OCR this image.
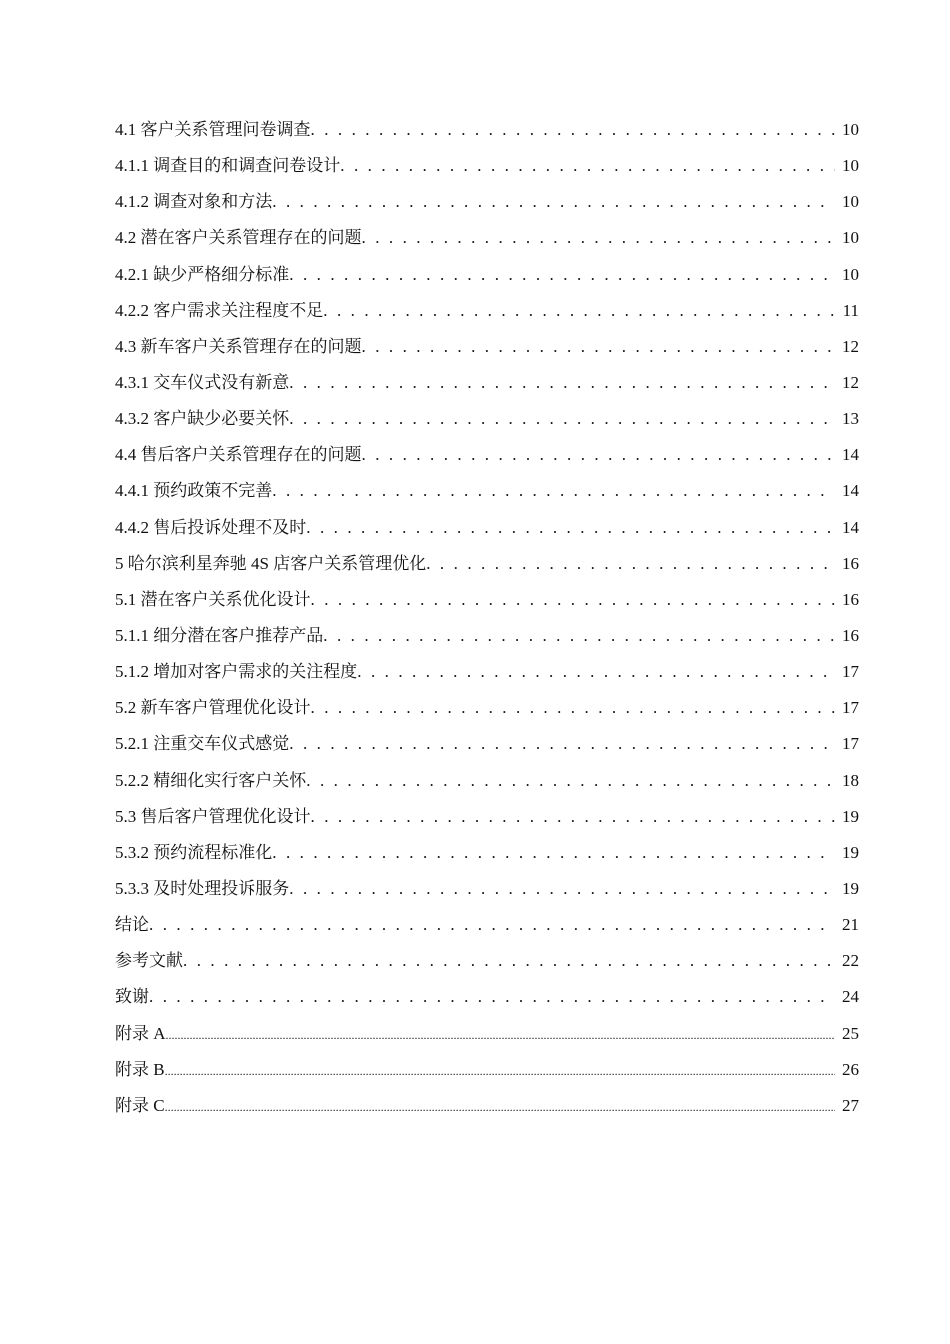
4.1 客户关系管理问卷调查 . . .	10
4.1.1 调查目的和调查问卷设计 . . .	10
4.1.2 调查对象和方法 . . .	10
4.2 潜在客户关系管理存在的问题 . . .	10
4.2.1 缺少严格细分标准 . . .	10
4.2.2 客户需求关注程度不足 . . .	11
4.3 新车客户关系管理存在的问题 . . .	12
4.3.1 交车仪式没有新意 . . .	12
4.3.2 客户缺少必要关怀 . . .	13
4.4 售后客户关系管理存在的问题 . . .	14
4.4.1 预约政策不完善 . . .	14
4.4.2 售后投诉处理不及时 . . .	14
5 哈尔滨利星奔驰 4S 店客户关系管理优化 . . .	16
5.1 潜在客户关系优化设计 . . .	16
5.1.1 细分潜在客户推荐产品 . . .	16
5.1.2 增加对客户需求的关注程度 . . .	17
5.2 新车客户管理优化设计 . . .	17
5.2.1 注重交车仪式感觉 . . .	17
5.2.2 精细化实行客户关怀 . . .	18
5.3 售后客户管理优化设计 . . .	19
5.3.2 预约流程标准化 . . .	19
5.3.3 及时处理投诉服务 . . .	19
结论 . . .	21
参考文献 . . .	22
致谢 . . .	24
附录 A .....	25
附录 B .....	26
附录 C .....	27
